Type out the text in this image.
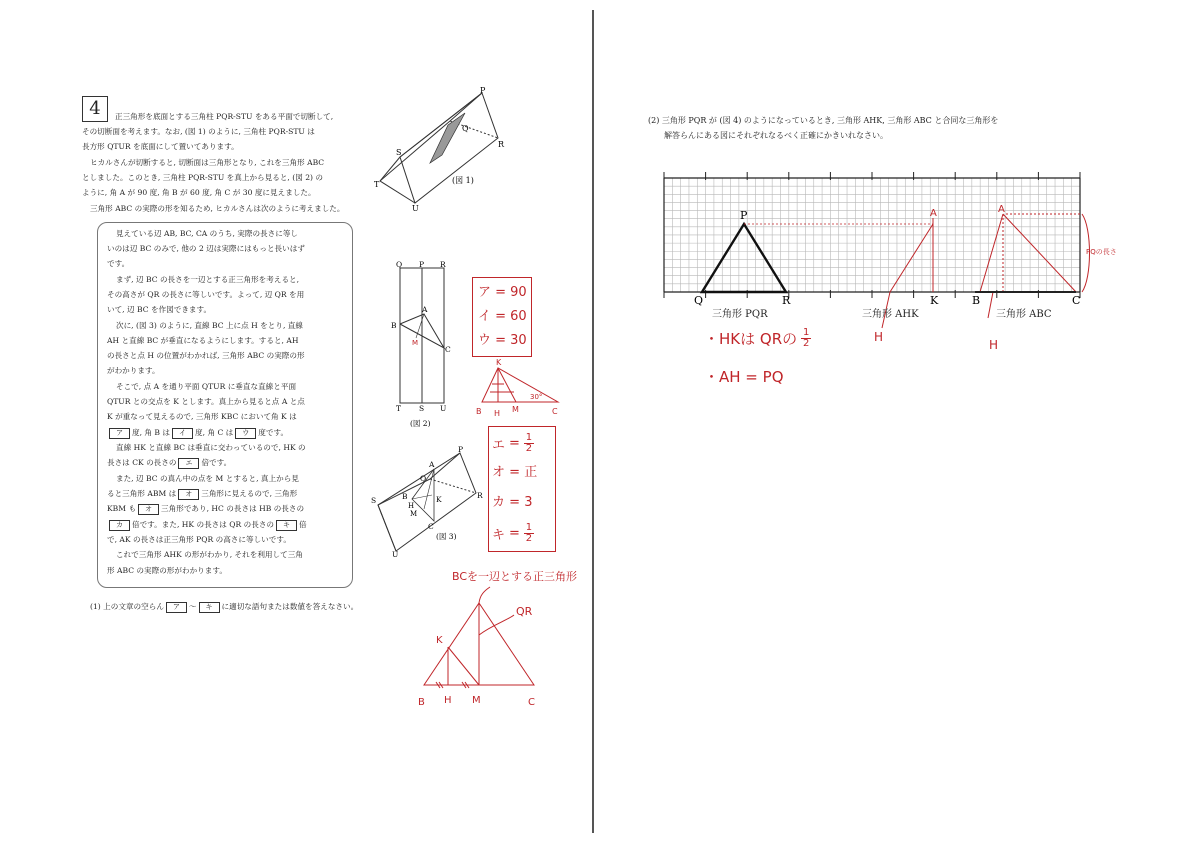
4	正三角形を底面とする三角柱 PQR-STU をある平面で切断して,
その切断面を考えます。なお, (図 1) のように, 三角柱 PQR-STU は
長方形 QTUR を底面にして置いてあります。
ヒカルさんが切断すると, 切断面は三角形となり, これを三角形 ABC
としました。このとき, 三角柱 PQR-STU を真上から見ると, (図 2) の
ように, 角 A が 90 度, 角 B が 60 度, 角 C が 30 度に見えました。
三角形 ABC の実際の形を知るため, ヒカルさんは次のように考えました。
見えている辺 AB, BC, CA のうち, 実際の長さに等し
いのは辺 BC のみで, 他の 2 辺は実際にはもっと長いはず
です。
まず, 辺 BC の長さを一辺とする正三角形を考えると,
その高さが QR の長さに等しいです。よって, 辺 QR を用
いて, 辺 BC を作図できます。
次に, (図 3) のように, 直線 BC 上に点 H をとり, 直線
AH と直線 BC が垂直になるようにします。すると, AH
の長さと点 H の位置がわかれば, 三角形 ABC の実際の形
がわかります。
そこで, 点 A を通り平面 QTUR に垂直な直線と平面
QTUR との交点を K とします。真上から見ると点 A と点
K が重なって見えるので, 三角形 KBC において角 K は
ア 度, 角 B は イ 度, 角 C は ウ 度です。
直線 HK と直線 BC は垂直に交わっているので, HK の
長さは CK の長さの エ 倍です。
また, 辺 BC の真ん中の点を M とすると, 真上から見
ると三角形 ABM は オ 三角形に見えるので, 三角形
KBM も オ 三角形であり, HC の長さは HB の長さの
カ 倍です。また, HK の長さは QR の長さの キ 倍
で, AK の長さは正三角形 PQR の高さに等しいです。
これで三角形 AHK の形がわかり, それを利用して三角
形 ABC の実際の形がわかります。
(1) 上の文章の空らん ア 〜 キ に適切な語句または数値を答えなさい。
P
Q
R
S
T
U
(図 1)
Q P R
A
B
C
M
T S U
(図 2)
P
A
Q
R
S	B	K
H
M
C
(図 3)
U
ア = 90
イ = 60
ウ = 30
K
B H M	C
30°
エ = 1
2
オ = 正
カ = 3
キ = 1
2
BCを一辺とする正三角形
QR
K
B H M	C
(2) 三角形 PQR が (図 4) のようになっているとき, 三角形 AHK, 三角形 ABC と合同な三角形を
解答らんにある図にそれぞれなるべく正確にかきいれなさい。
P
Q	R
A
K
A
B	C
PQの長さ
三角形 PQR	三角形 AHK	三角形 ABC
H
H
・HKは QRの 1
2
・AH = PQ
